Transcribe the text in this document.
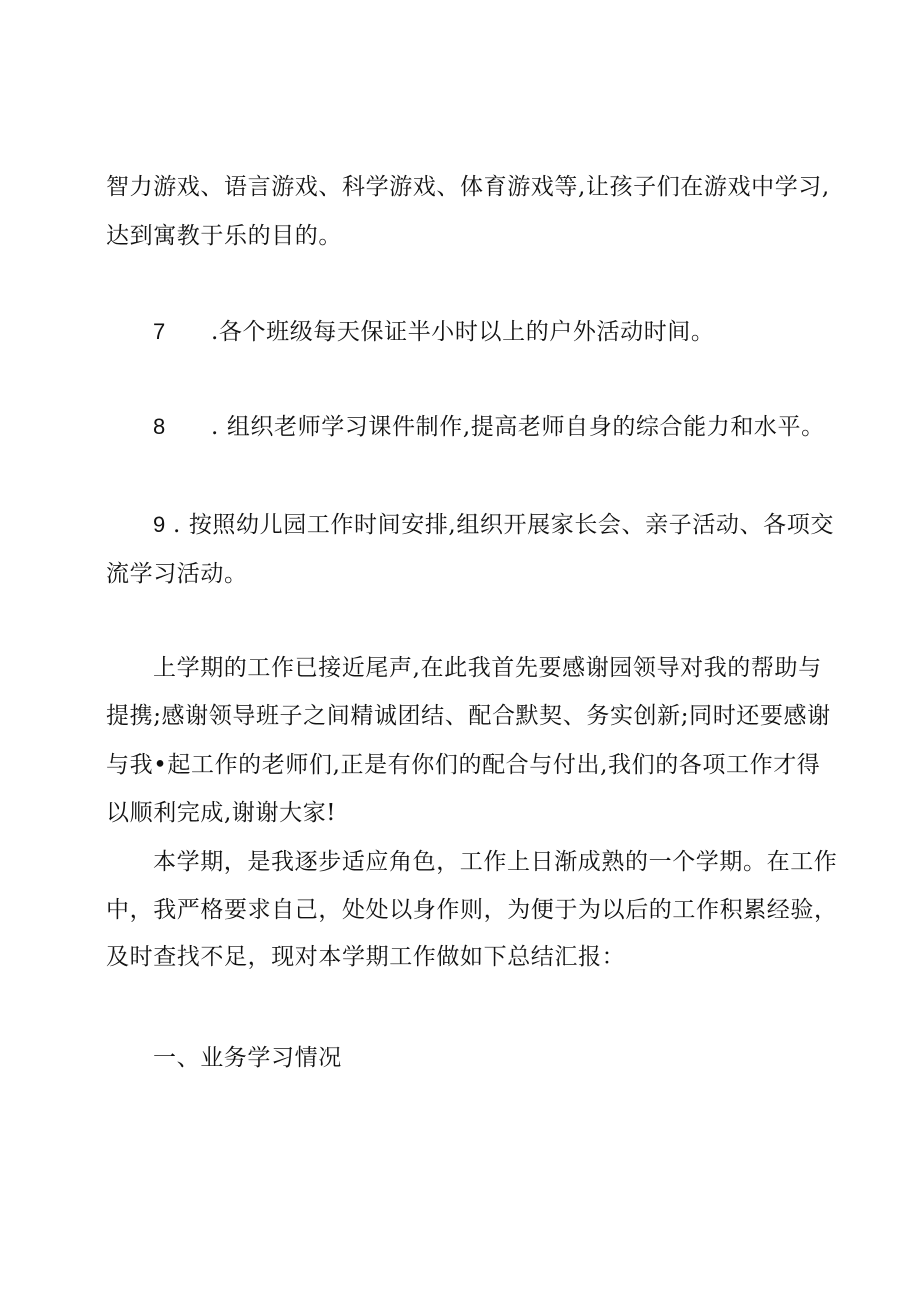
智力游戏、语言游戏、科学游戏、体育游戏等,让孩子们在游戏中学习,
达到寓教于乐的目的。
7 .各个班级每天保证半小时以上的户外活动时间。
8 . 组织老师学习课件制作,提高老师自身的综合能力和水平。
9 . 按照幼儿园工作时间安排,组织开展家长会、亲子活动、各项交
流学习活动。
上学期的工作已接近尾声,在此我首先要感谢园领导对我的帮助与
提携;感谢领导班子之间精诚团结、配合默契、务实创新;同时还要感谢
与我•起工作的老师们,正是有你们的配合与付出,我们的各项工作才得
以顺利完成,谢谢大家!
本学期，是我逐步适应角色，工作上日渐成熟的一个学期。在工作
中，我严格要求自己，处处以身作则，为便于为以后的工作积累经验，
及时查找不足，现对本学期工作做如下总结汇报：
一、业务学习情况
